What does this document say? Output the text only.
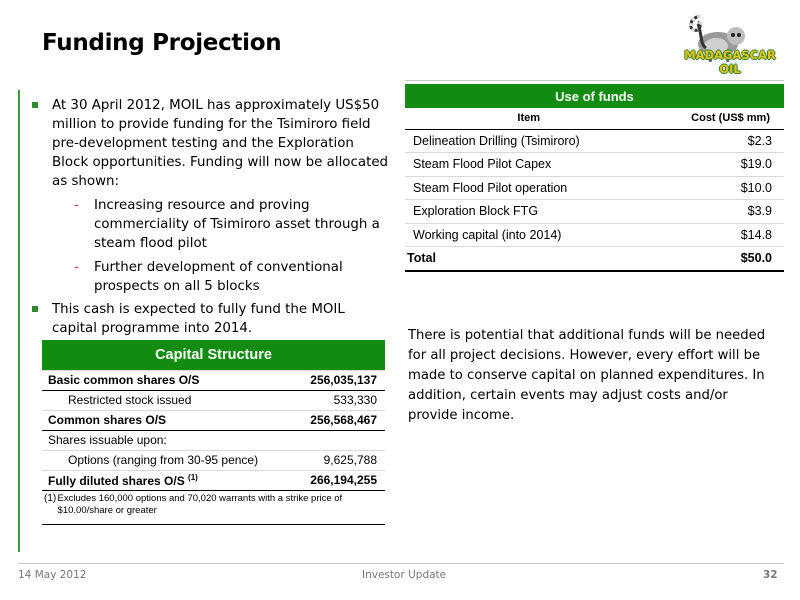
Funding Projection	MADAGASCAR OIL
At 30 April 2012, MOIL has approximately US$50 million to provide funding for the Tsimiroro field pre-development testing and the Exploration Block opportunities. Funding will now be allocated as shown:
- Increasing resource and proving commerciality of Tsimiroro asset through a steam flood pilot
- Further development of conventional prospects on all 5 blocks
This cash is expected to fully fund the MOIL capital programme into 2014.
Use of funds	
Item	Cost (US$ mm)
Delineation Drilling (Tsimiroro)	$2.3
Steam Flood Pilot Capex	$19.0
Steam Flood Pilot operation	$10.0
Exploration Block FTG	$3.9
Working capital (into 2014)	$14.8
Total	$50.0
There is potential that additional funds will be needed for all project decisions. However, every effort will be made to conserve capital on planned expenditures. In addition, certain events may adjust costs and/or provide income.
Capital Structure	
Basic common shares O/S	256,035,137
Restricted stock issued	533,330
Common shares O/S	256,568,467
Shares issuable upon:	
Options (ranging from 30-95 pence)	9,625,788
Fully diluted shares O/S $^{(1)}$	266,194,255

(1) Excludes 160,000 options and 70,020 warrants with a strike price of $10.00/share or greater	
14 May 2012	Investor Update	32
